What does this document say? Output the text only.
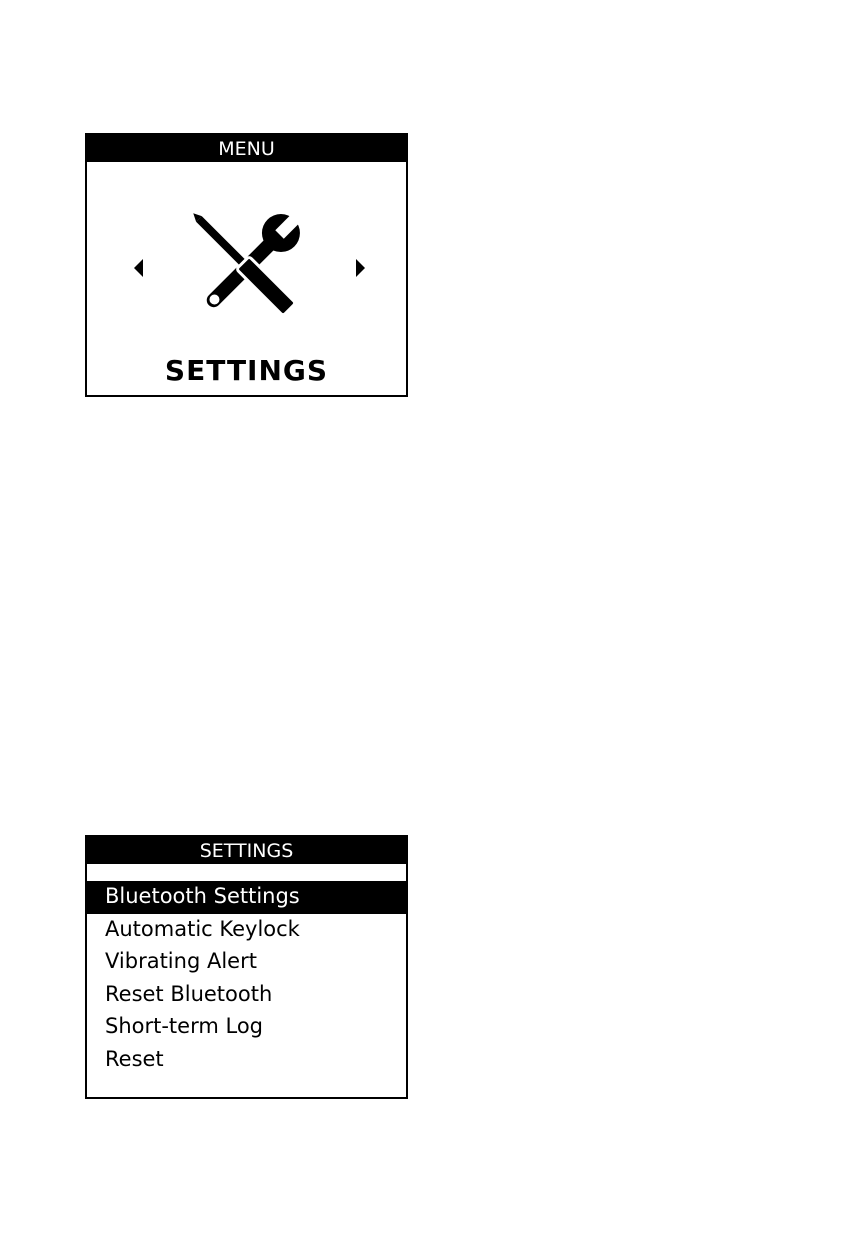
MENU
SETTINGS
SETTINGS
Bluetooth Settings
Automatic Keylock
Vibrating Alert
Reset Bluetooth
Short-term Log
Reset
